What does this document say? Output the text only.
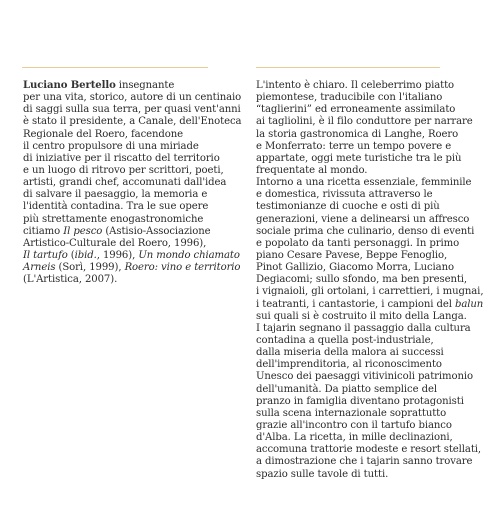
Luciano Bertello insegnante
per una vita, storico, autore di un centinaio
di saggi sulla sua terra, per quasi vent'anni
è stato il presidente, a Canale, dell'Enoteca
Regionale del Roero, facendone
il centro propulsore di una miriade
di iniziative per il riscatto del territorio
e un luogo di ritrovo per scrittori, poeti,
artisti, grandi chef, accomunati dall'idea
di salvare il paesaggio, la memoria e
l'identità contadina. Tra le sue opere
più strettamente enogastronomiche
citiamo Il pesco (Astisio-Associazione
Artistico-Culturale del Roero, 1996),
Il tartufo (ibid., 1996), Un mondo chiamato
Arneis (Sorì, 1999), Roero: vino e territorio
(L'Artistica, 2007).
L'intento è chiaro. Il celeberrimo piatto
piemontese, traducibile con l'italiano
“taglierini” ed erroneamente assimilato
ai tagliolini, è il filo conduttore per narrare
la storia gastronomica di Langhe, Roero
e Monferrato: terre un tempo povere e
appartate, oggi mete turistiche tra le più
frequentate al mondo.
Intorno a una ricetta essenziale, femminile
e domestica, rivissuta attraverso le
testimonianze di cuoche e osti di più
generazioni, viene a delinearsi un affresco
sociale prima che culinario, denso di eventi
e popolato da tanti personaggi. In primo
piano Cesare Pavese, Beppe Fenoglio,
Pinot Gallizio, Giacomo Morra, Luciano
Degiacomi; sullo sfondo, ma ben presenti,
i vignaioli, gli ortolani, i carrettieri, i mugnai,
i teatranti, i cantastorie, i campioni del balun
sui quali si è costruito il mito della Langa.
I tajarin segnano il passaggio dalla cultura
contadina a quella post-industriale,
dalla miseria della malora ai successi
dell'imprenditoria, al riconoscimento
Unesco dei paesaggi vitivinicoli patrimonio
dell'umanità. Da piatto semplice del
pranzo in famiglia diventano protagonisti
sulla scena internazionale soprattutto
grazie all'incontro con il tartufo bianco
d'Alba. La ricetta, in mille declinazioni,
accomuna trattorie modeste e resort stellati,
a dimostrazione che i tajarin sanno trovare
spazio sulle tavole di tutti.
